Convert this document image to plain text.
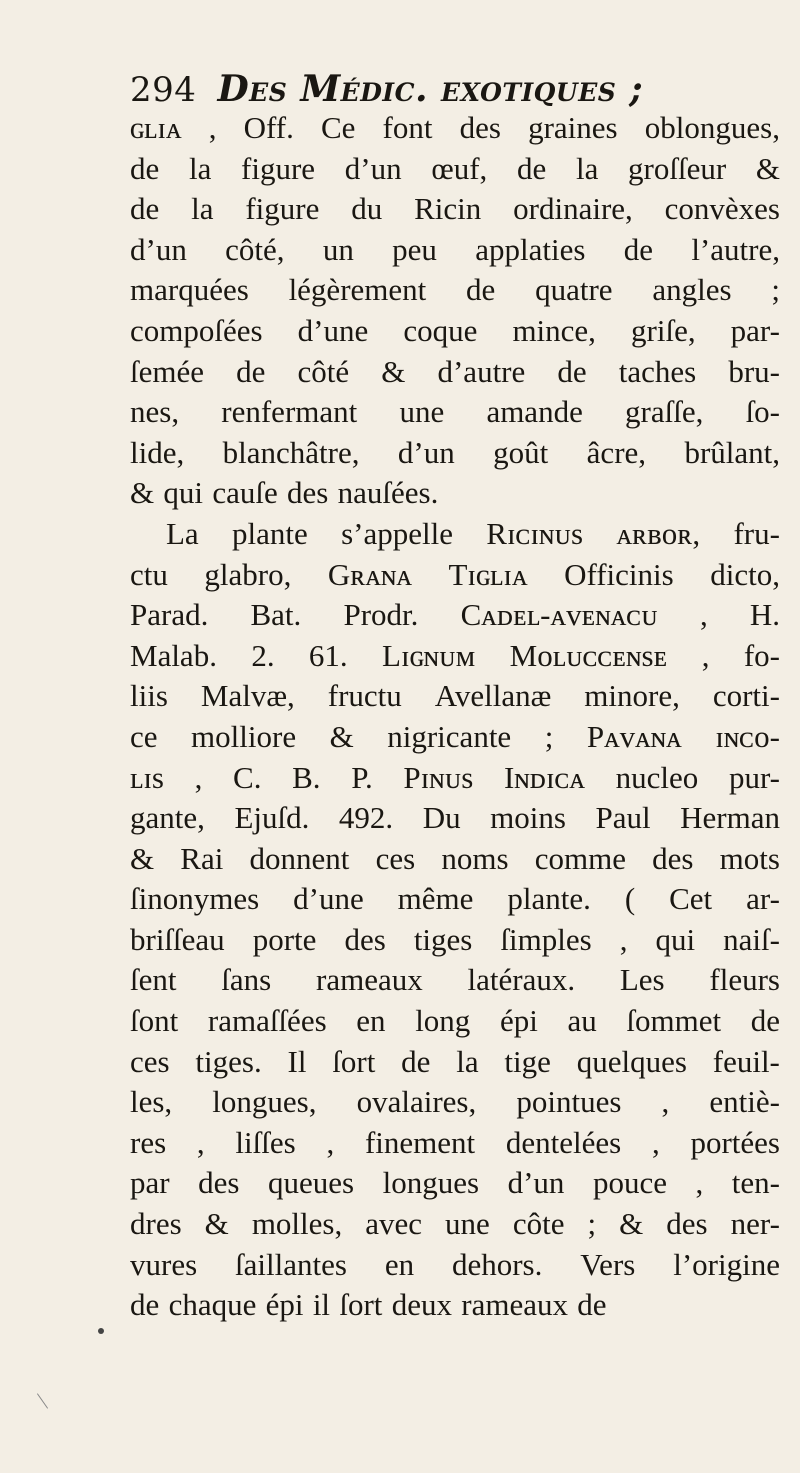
294 Des Médic. exotiques ;
ɢʟɪᴀ , Off. Ce font des graines oblongues,
de la figure d’un œuf, de la groſſeur &
de la figure du Ricin ordinaire, convèxes
d’un côté, un peu applaties de l’autre,
marquées légèrement de quatre angles ;
compoſées d’une coque mince, griſe, par-
ſemée de côté & d’autre de taches bru-
nes, renfermant une amande graſſe, ſo-
lide, blanchâtre, d’un goût âcre, brûlant,
& qui cauſe des nauſées.
La plante s’appelle Rɪᴄɪɴᴜs ᴀʀʙᴏʀ, fru-
ctu glabro, Gʀᴀɴᴀ Tɪɢʟɪᴀ Officinis dicto,
Parad. Bat. Prodr. Cᴀᴅᴇʟ-ᴀᴠᴇɴᴀᴄᴜ , H.
Malab. 2. 61. Lɪɢɴᴜᴍ Mᴏʟᴜᴄᴄᴇɴsᴇ , fo-
liis Malvæ, fructu Avellanæ minore, corti-
ce molliore & nigricante ; Pᴀᴠᴀɴᴀ ɪɴᴄᴏ-
ʟɪs , C. B. P. Pɪɴᴜs Iɴᴅɪᴄᴀ nucleo pur-
gante, Ejuſd. 492. Du moins Paul Herman
& Rai donnent ces noms comme des mots
ſinonymes d’une même plante. ( Cet ar-
briſſeau porte des tiges ſimples , qui naiſ-
ſent ſans rameaux latéraux. Les fleurs
ſont ramaſſées en long épi au ſommet de
ces tiges. Il ſort de la tige quelques feuil-
les, longues, ovalaires, pointues , entiè-
res , liſſes , finement dentelées , portées
par des queues longues d’un pouce , ten-
dres & molles, avec une côte ; & des ner-
vures ſaillantes en dehors. Vers l’origine
de chaque épi il ſort deux rameaux de
